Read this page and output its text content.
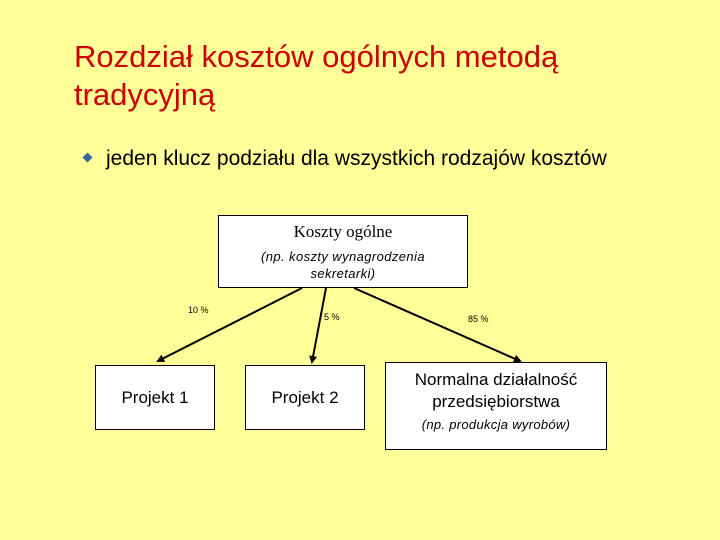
Rozdział kosztów ogólnych metodą tradycyjną
jeden klucz podziału dla wszystkich rodzajów kosztów
Koszty ogólne
(np. koszty wynagrodzenia sekretarki)
10 %
5 %	85 %
Projekt 1	Projekt 2
Normalna działalność przedsiębiorstwa
(np. produkcja wyrobów)
